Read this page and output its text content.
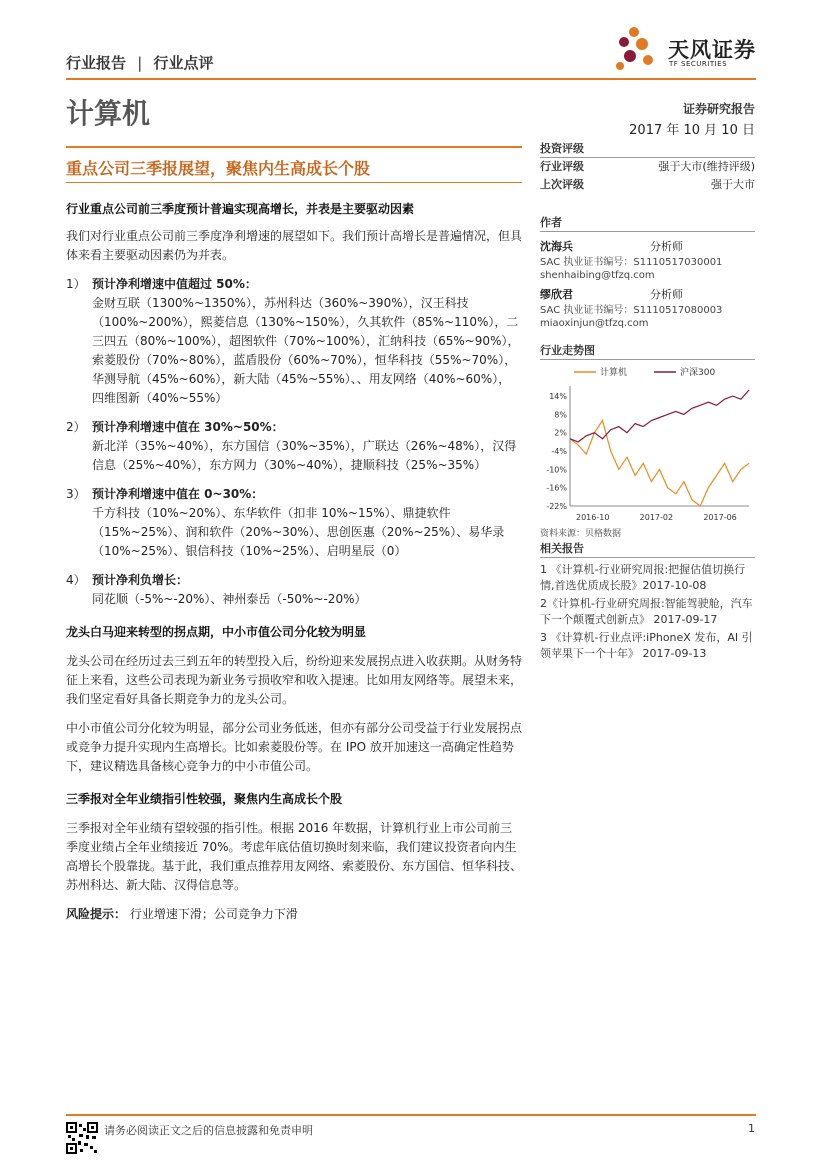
行业报告 | 行业点评
天风证券
TF SECURITIES
计算机	证券研究报告
2017 年 10 月 10 日
重点公司三季报展望，聚焦内生高成长个股

行业重点公司前三季度预计普遍实现高增长，并表是主要驱动因素

我们对行业重点公司前三季度净利增速的展望如下。我们预计高增长是普遍情况，但具体来看主要驱动因素仍为并表。

1） 预计净利增速中值超过 50%：
金财互联（1300%~1350%），苏州科达（360%~390%），汉王科技（100%~200%），熙菱信息（130%~150%），久其软件（85%~110%），二三四五（80%~100%），超图软件（70%~100%），汇纳科技（65%~90%），索菱股份（70%~80%），蓝盾股份（60%~70%），恒华科技（55%~70%），华测导航（45%~60%），新大陆（45%~55%）、、用友网络（40%~60%），四维图新（40%~55%）
2） 预计净利增速中值在 30%~50%：
新北洋（35%~40%），东方国信（30%~35%），广联达（26%~48%），汉得信息（25%~40%），东方网力（30%~40%），捷顺科技（25%~35%）
3） 预计净利增速中值在 0~30%：
千方科技（10%~20%）、东华软件（扣非 10%~15%）、鼎捷软件（15%~25%）、润和软件（20%~30%）、思创医惠（20%~25%）、易华录（10%~25%）、银信科技（10%~25%）、启明星辰（0）
4） 预计净利负增长：
同花顺（-5%~-20%）、神州泰岳（-50%~-20%）

龙头白马迎来转型的拐点期，中小市值公司分化较为明显

龙头公司在经历过去三到五年的转型投入后，纷纷迎来发展拐点进入收获期。从财务特征上来看，这些公司表现为新业务亏损收窄和收入提速。比如用友网络等。展望未来，我们坚定看好具备长期竞争力的龙头公司。

中小市值公司分化较为明显，部分公司业务低迷，但亦有部分公司受益于行业发展拐点或竞争力提升实现内生高增长。比如索菱股份等。在 IPO 放开加速这一高确定性趋势下，建议精选具备核心竞争力的中小市值公司。

三季报对全年业绩指引性较强，聚焦内生高成长个股

三季报对全年业绩有望较强的指引性。根据 2016 年数据，计算机行业上市公司前三季度业绩占全年业绩接近 70%。考虑年底估值切换时刻来临，我们建议投资者向内生高增长个股靠拢。基于此，我们重点推荐用友网络、索菱股份、东方国信、恒华科技、苏州科达、新大陆、汉得信息等。

风险提示： 行业增速下滑；公司竞争力下滑

投资评级
行业评级	强于大市(维持评级)
上次评级	强于大市
作者
沈海兵	分析师
SAC 执业证书编号：S1110517030001
shenhaibing@tfzq.com
缪欣君	分析师
SAC 执业证书编号：S1110517080003
miaoxinjun@tfzq.com
行业走势图
计算机	沪深300
14%
8%
2%
-4%
-10%
-16%
-22%
2016-10	2017-02	2017-06
资料来源：贝格数据
相关报告
1 《计算机-行业研究周报:把握估值切换行情,首选优质成长股》2017-10-08
2《计算机-行业研究周报:智能驾驶舱，汽车下一个颠覆式创新点》 2017-09-17
3 《计算机-行业点评:iPhoneX 发布，AI 引领苹果下一个十年》 2017-09-13
请务必阅读正文之后的信息披露和免责申明	1
